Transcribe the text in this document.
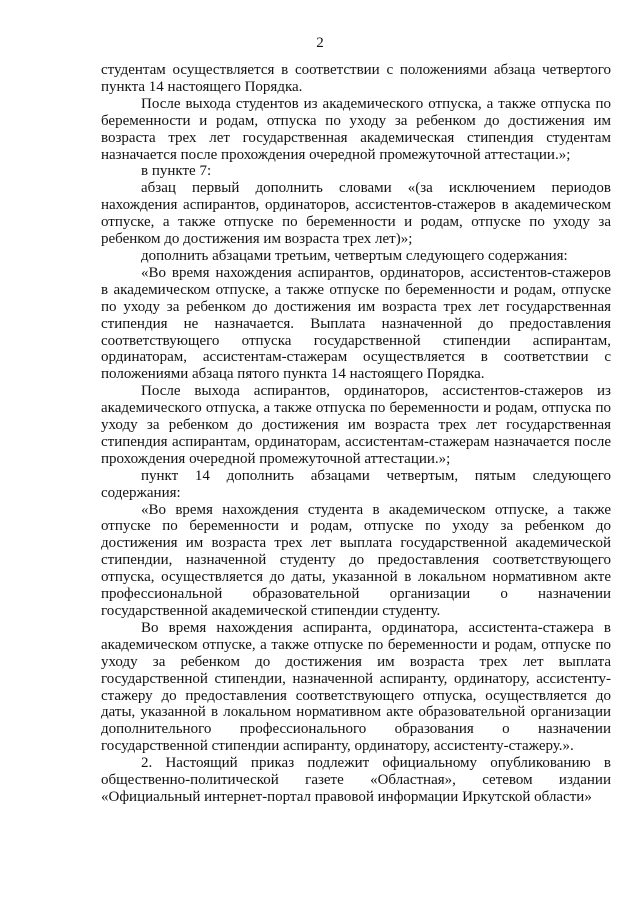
2

студентам осуществляется в соответствии с положениями абзаца четвертого пункта 14 настоящего Порядка.

После выхода студентов из академического отпуска, а также отпуска по беременности и родам, отпуска по уходу за ребенком до достижения им возраста трех лет государственная академическая стипендия студентам назначается после прохождения очередной промежуточной аттестации.»;

в пункте 7:

абзац первый дополнить словами «(за исключением периодов нахождения аспирантов, ординаторов, ассистентов-стажеров в академическом отпуске, а также отпуске по беременности и родам, отпуске по уходу за ребенком до достижения им возраста трех лет)»;

дополнить абзацами третьим, четвертым следующего содержания:

«Во время нахождения аспирантов, ординаторов, ассистентов-стажеров в академическом отпуске, а также отпуске по беременности и родам, отпуске по уходу за ребенком до достижения им возраста трех лет государственная стипендия не назначается. Выплата назначенной до предоставления соответствующего отпуска государственной стипендии аспирантам, ординаторам, ассистентам-стажерам осуществляется в соответствии с положениями абзаца пятого пункта 14 настоящего Порядка.

После выхода аспирантов, ординаторов, ассистентов-стажеров из академического отпуска, а также отпуска по беременности и родам, отпуска по уходу за ребенком до достижения им возраста трех лет государственная стипендия аспирантам, ординаторам, ассистентам-стажерам назначается после прохождения очередной промежуточной аттестации.»;

пункт 14 дополнить абзацами четвертым, пятым следующего содержания:

«Во время нахождения студента в академическом отпуске, а также отпуске по беременности и родам, отпуске по уходу за ребенком до достижения им возраста трех лет выплата государственной академической стипендии, назначенной студенту до предоставления соответствующего отпуска, осуществляется до даты, указанной в локальном нормативном акте профессиональной образовательной организации о назначении государственной академической стипендии студенту.

Во время нахождения аспиранта, ординатора, ассистента-стажера в академическом отпуске, а также отпуске по беременности и родам, отпуске по уходу за ребенком до достижения им возраста трех лет выплата государственной стипендии, назначенной аспиранту, ординатору, ассистенту-стажеру до предоставления соответствующего отпуска, осуществляется до даты, указанной в локальном нормативном акте образовательной организации дополнительного профессионального образования о назначении государственной стипендии аспиранту, ординатору, ассистенту-стажеру.».

2. Настоящий приказ подлежит официальному опубликованию в общественно-политической газете «Областная», сетевом издании «Официальный интернет-портал правовой информации Иркутской области»
